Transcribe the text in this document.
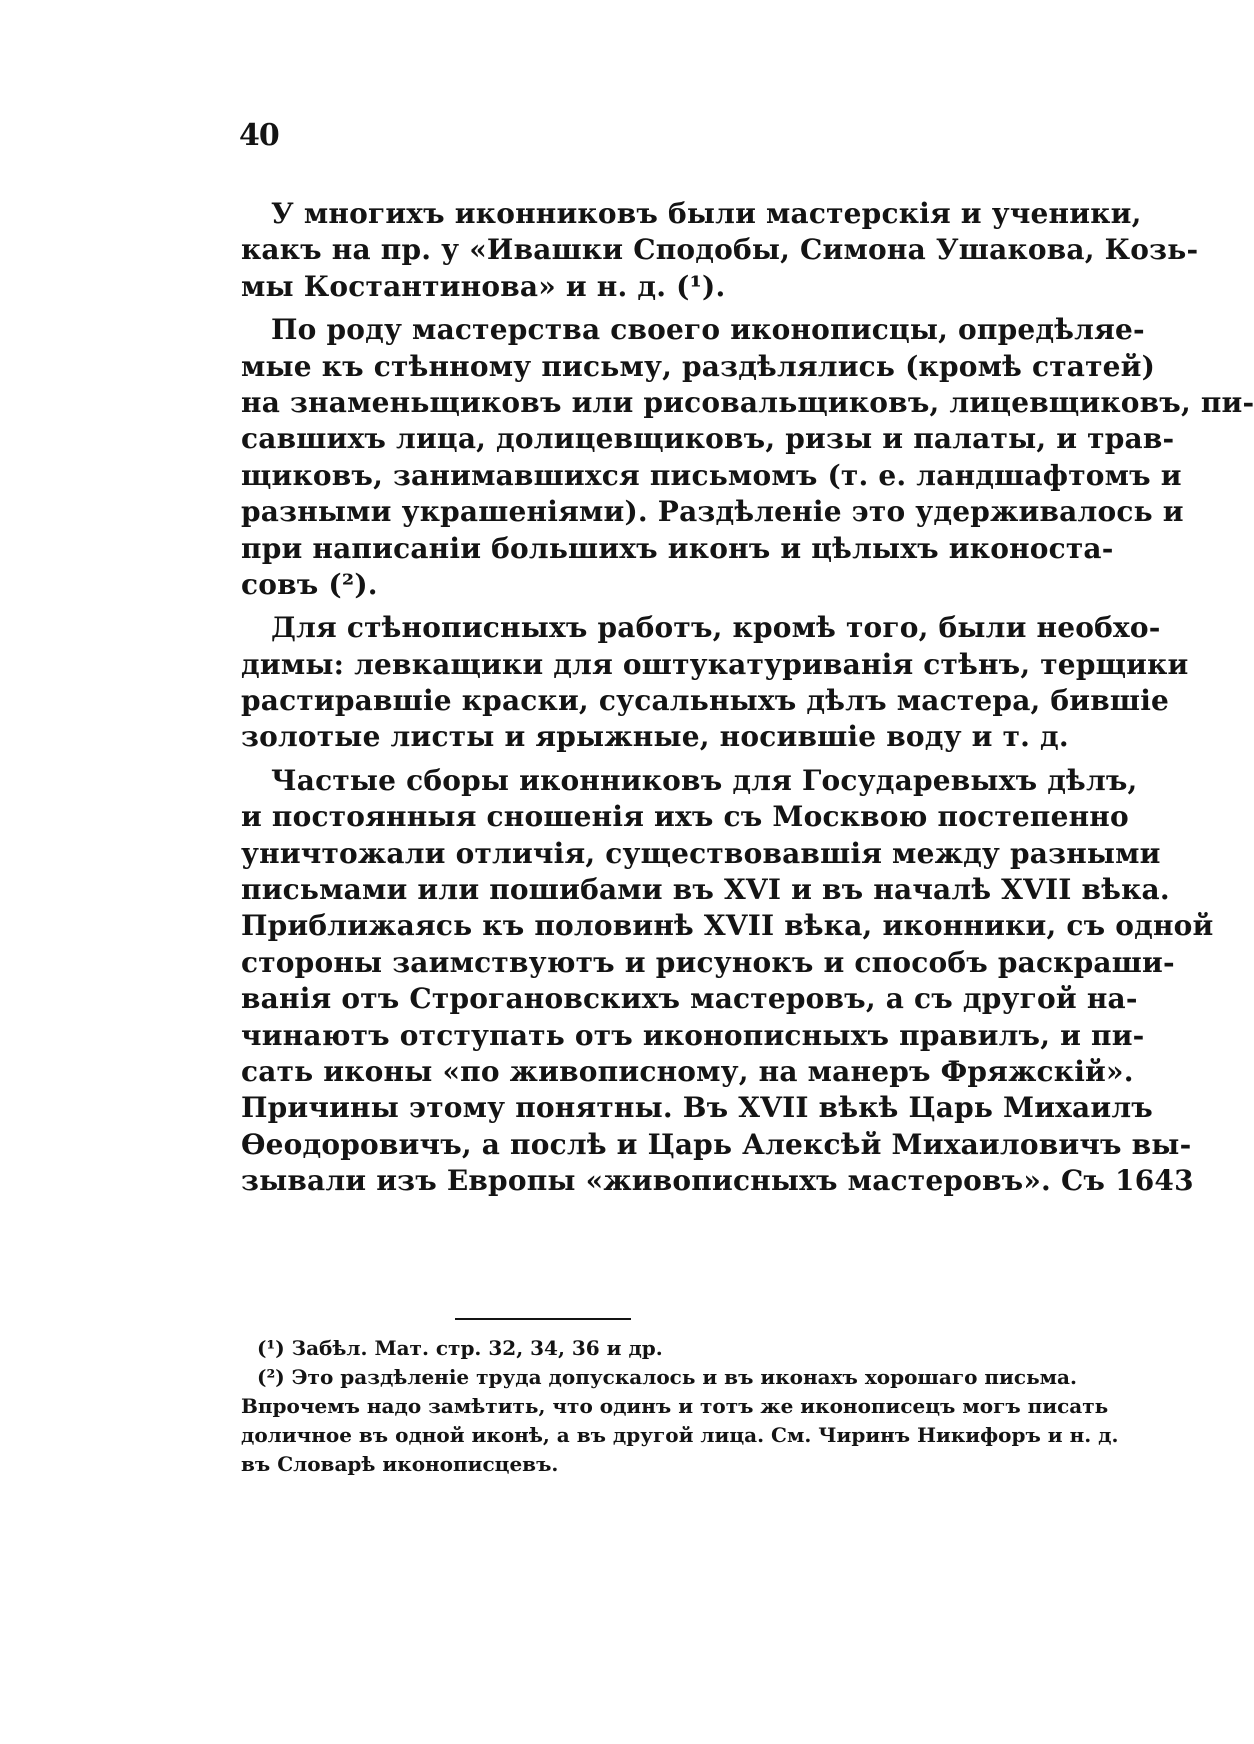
40
У многихъ иконниковъ были мастерскія и ученики,
какъ на пр. у «Ивашки Сподобы, Симона Ушакова, Козь-
мы Костантинова» и н. д. (¹).
По роду мастерства своего иконописцы, опредѣляе-
мые къ стѣнному письму, раздѣлялись (кромѣ статей)
на знаменьщиковъ или рисовальщиковъ, лицевщиковъ, пи-
савшихъ лица, долицевщиковъ, ризы и палаты, и трав-
щиковъ, занимавшихся письмомъ (т. е. ландшафтомъ и
разными украшеніями). Раздѣленіе это удерживалось и
при написаніи большихъ иконъ и цѣлыхъ иконоста-
совъ (²).
Для стѣнописныхъ работъ, кромѣ того, были необхо-
димы: левкащики для оштукатуриванія стѣнъ, терщики
растиравшіе краски, сусальныхъ дѣлъ мастера, бившіе
золотые листы и ярыжные, носившіе воду и т. д.
Частые сборы иконниковъ для Государевыхъ дѣлъ,
и постоянныя сношенія ихъ съ Москвою постепенно
уничтожали отличія, существовавшія между разными
письмами или пошибами въ XVI и въ началѣ XVII вѣка.
Приближаясь къ половинѣ XVII вѣка, иконники, съ одной
стороны заимствуютъ и рисунокъ и способъ раскраши-
ванія отъ Строгановскихъ мастеровъ, а съ другой на-
чинаютъ отступать отъ иконописныхъ правилъ, и пи-
сать иконы «по живописному, на манеръ Фряжскій».
Причины этому понятны. Въ XVII вѣкѣ Царь Михаилъ
Ѳеодоровичъ, а послѣ и Царь Алексѣй Михаиловичъ вы-
зывали изъ Европы «живописныхъ мастеровъ». Съ 1643
(¹) Забѣл. Мат. стр. 32, 34, 36 и др.
(²) Это раздѣленіе труда допускалось и въ иконахъ хорошаго письма.
Впрочемъ надо замѣтить, что одинъ и тотъ же иконописецъ могъ писать
доличное въ одной иконѣ, а въ другой лица. См. Чиринъ Никифоръ и н. д.
въ Словарѣ иконописцевъ.
